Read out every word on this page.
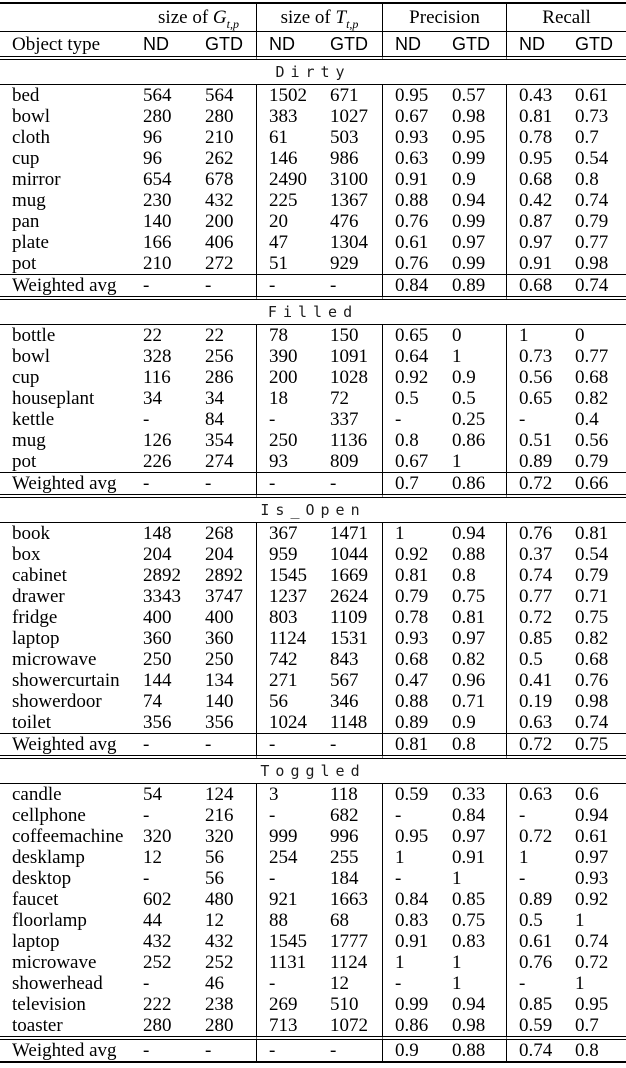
	size of $G_{t,p}$		size of $T_{t,p}$		Precision		Recall	
Object type	ND	GTD	ND	GTD	ND	GTD	ND	GTD
Dirty								
bed	564	564	1502	671	0.95	0.57	0.43	0.61
bowl	280	280	383	1027	0.67	0.98	0.81	0.73
cloth	96	210	61	503	0.93	0.95	0.78	0.7
cup	96	262	146	986	0.63	0.99	0.95	0.54
mirror	654	678	2490	3100	0.91	0.9	0.68	0.8
mug	230	432	225	1367	0.88	0.94	0.42	0.74
pan	140	200	20	476	0.76	0.99	0.87	0.79
plate	166	406	47	1304	0.61	0.97	0.97	0.77
pot	210	272	51	929	0.76	0.99	0.91	0.98
Weighted avg	-	-	-	-	0.84	0.89	0.68	0.74
Filled								
bottle	22	22	78	150	0.65	0	1	0
bowl	328	256	390	1091	0.64	1	0.73	0.77
cup	116	286	200	1028	0.92	0.9	0.56	0.68
houseplant	34	34	18	72	0.5	0.5	0.65	0.82
kettle	-	84	-	337	-	0.25	-	0.4
mug	126	354	250	1136	0.8	0.86	0.51	0.56
pot	226	274	93	809	0.67	1	0.89	0.79
Weighted avg	-	-	-	-	0.7	0.86	0.72	0.66
Is_Open								
book	148	268	367	1471	1	0.94	0.76	0.81
box	204	204	959	1044	0.92	0.88	0.37	0.54
cabinet	2892	2892	1545	1669	0.81	0.8	0.74	0.79
drawer	3343	3747	1237	2624	0.79	0.75	0.77	0.71
fridge	400	400	803	1109	0.78	0.81	0.72	0.75
laptop	360	360	1124	1531	0.93	0.97	0.85	0.82
microwave	250	250	742	843	0.68	0.82	0.5	0.68
showercurtain	144	134	271	567	0.47	0.96	0.41	0.76
showerdoor	74	140	56	346	0.88	0.71	0.19	0.98
toilet	356	356	1024	1148	0.89	0.9	0.63	0.74
Weighted avg	-	-	-	-	0.81	0.8	0.72	0.75
Toggled								
candle	54	124	3	118	0.59	0.33	0.63	0.6
cellphone	-	216	-	682	-	0.84	-	0.94
coffeemachine	320	320	999	996	0.95	0.97	0.72	0.61
desklamp	12	56	254	255	1	0.91	1	0.97
desktop	-	56	-	184	-	1	-	0.93
faucet	602	480	921	1663	0.84	0.85	0.89	0.92
floorlamp	44	12	88	68	0.83	0.75	0.5	1
laptop	432	432	1545	1777	0.91	0.83	0.61	0.74
microwave	252	252	1131	1124	1	1	0.76	0.72
showerhead	-	46	-	12	-	1	-	1
television	222	238	269	510	0.99	0.94	0.85	0.95
toaster	280	280	713	1072	0.86	0.98	0.59	0.7
Weighted avg	-	-	-	-	0.9	0.88	0.74	0.8
